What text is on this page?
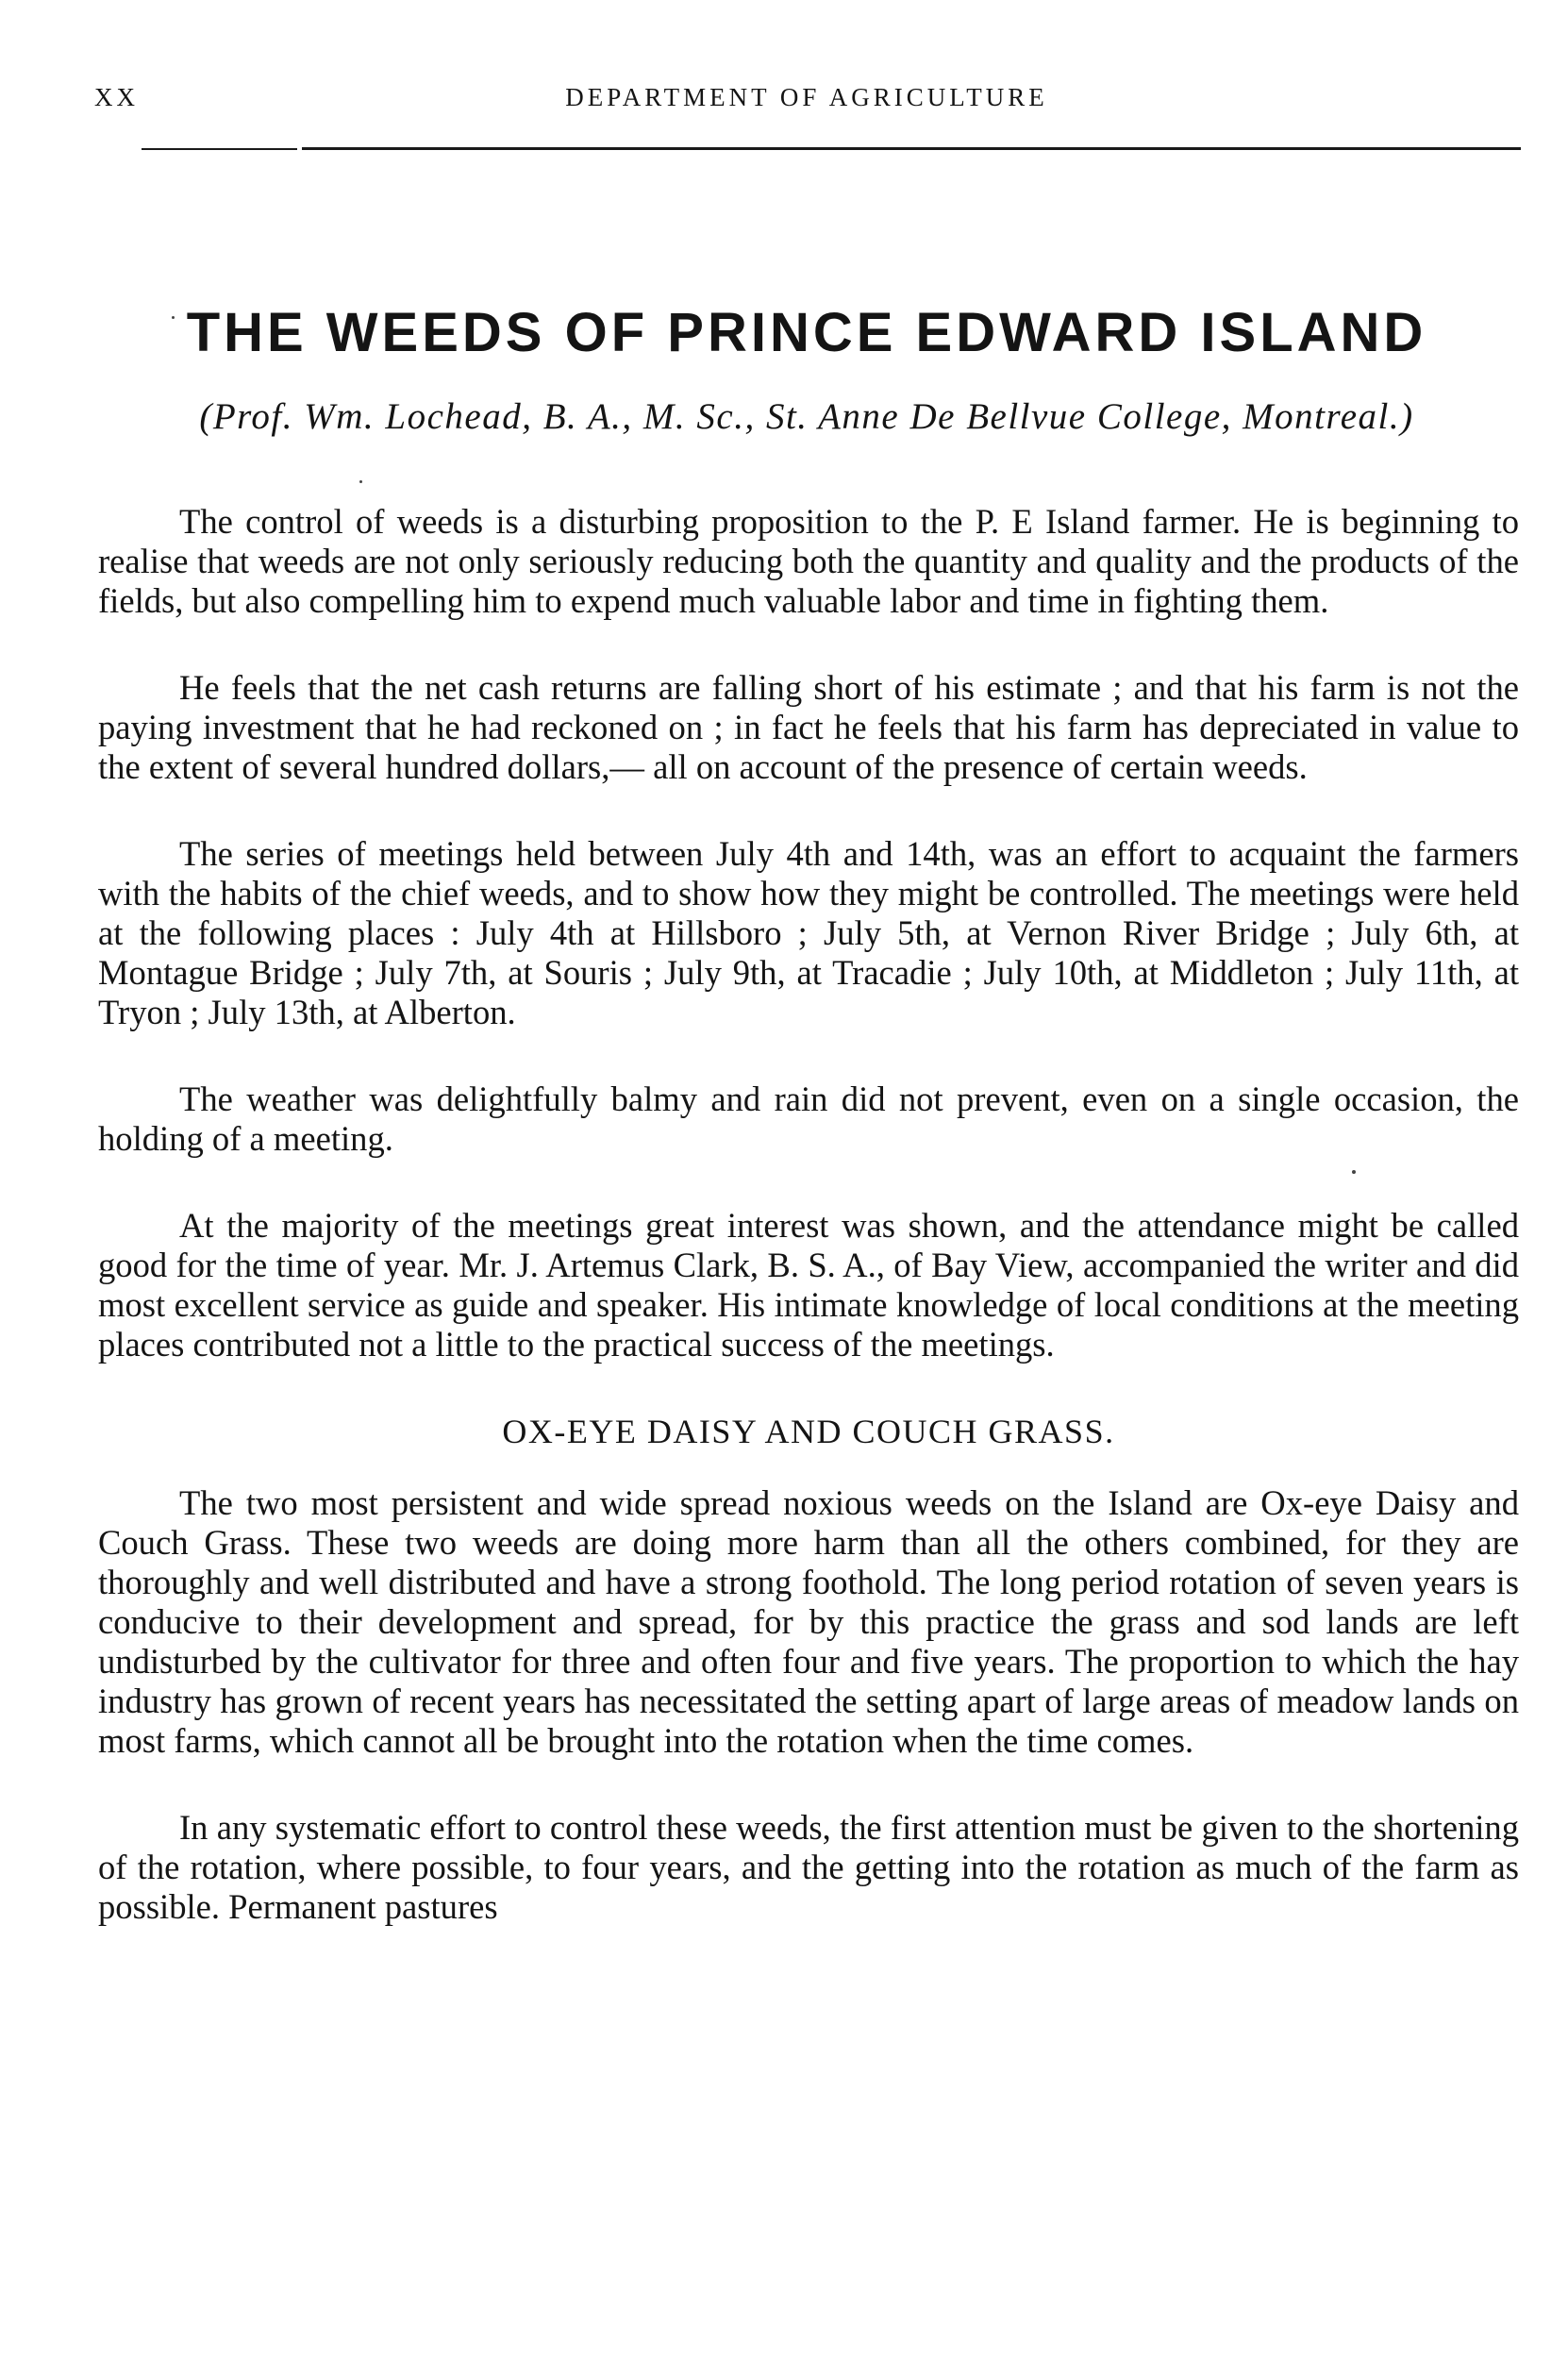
XX	DEPARTMENT OF AGRICULTURE
THE WEEDS OF PRINCE EDWARD ISLAND
(Prof. Wm. Lochead, B. A., M. Sc., St. Anne De Bellvue College, Montreal.)

The control of weeds is a disturbing proposition to the P. E Island farmer. He is beginning to realise that weeds are not only seriously reducing both the quantity and quality and the products of the fields, but also compelling him to expend much valuable labor and time in fighting them.

He feels that the net cash returns are falling short of his estimate ; and that his farm is not the paying investment that he had reckoned on ; in fact he feels that his farm has depreciated in value to the extent of several hundred dollars,— all on account of the presence of certain weeds.

The series of meetings held between July 4th and 14th, was an effort to acquaint the farmers with the habits of the chief weeds, and to show how they might be controlled. The meetings were held at the following places : July 4th at Hillsboro ; July 5th, at Vernon River Bridge ; July 6th, at Montague Bridge ; July 7th, at Souris ; July 9th, at Tracadie ; July 10th, at Middleton ; July 11th, at Tryon ; July 13th, at Alberton.

The weather was delightfully balmy and rain did not prevent, even on a single occasion, the holding of a meeting.

At the majority of the meetings great interest was shown, and the attendance might be called good for the time of year. Mr. J. Artemus Clark, B. S. A., of Bay View, accompanied the writer and did most excellent service as guide and speaker. His intimate knowledge of local conditions at the meeting places contributed not a little to the practical success of the meetings.

OX-EYE DAISY AND COUCH GRASS.

The two most persistent and wide spread noxious weeds on the Island are Ox-eye Daisy and Couch Grass. These two weeds are doing more harm than all the others combined, for they are thoroughly and well distributed and have a strong foothold. The long period rotation of seven years is conducive to their development and spread, for by this practice the grass and sod lands are left undisturbed by the cultivator for three and often four and five years. The proportion to which the hay industry has grown of recent years has necessitated the setting apart of large areas of meadow lands on most farms, which cannot all be brought into the rotation when the time comes.

In any systematic effort to control these weeds, the first attention must be given to the shortening of the rotation, where possible, to four years, and the getting into the rotation as much of the farm as possible. Permanent pastures
